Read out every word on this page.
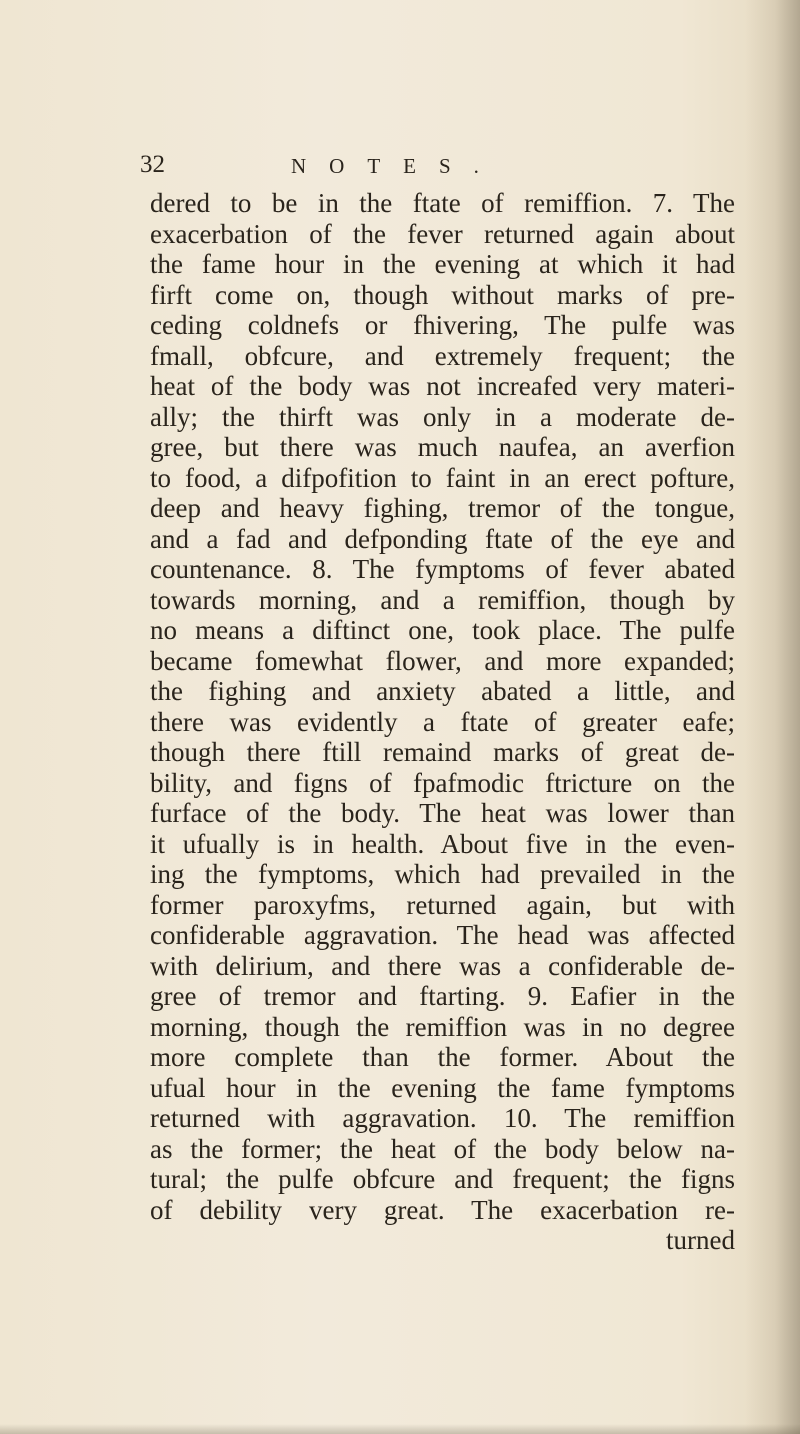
32	NOTES.
dered to be in the ftate of remiffion. 7. The
exacerbation of the fever returned again about
the fame hour in the evening at which it had
firft come on, though without marks of pre-
ceding coldnefs or fhivering, The pulfe was
fmall, obfcure, and extremely frequent; the
heat of the body was not increafed very materi-
ally; the thirft was only in a moderate de-
gree, but there was much naufea, an averfion
to food, a difpofition to faint in an erect pofture,
deep and heavy fighing, tremor of the tongue,
and a fad and defponding ftate of the eye and
countenance. 8. The fymptoms of fever abated
towards morning, and a remiffion, though by
no means a diftinct one, took place. The pulfe
became fomewhat flower, and more expanded;
the fighing and anxiety abated a little, and
there was evidently a ftate of greater eafe;
though there ftill remaind marks of great de-
bility, and figns of fpafmodic ftricture on the
furface of the body. The heat was lower than
it ufually is in health. About five in the even-
ing the fymptoms, which had prevailed in the
former paroxyfms, returned again, but with
confiderable aggravation. The head was affected
with delirium, and there was a confiderable de-
gree of tremor and ftarting. 9. Eafier in the
morning, though the remiffion was in no degree
more complete than the former. About the
ufual hour in the evening the fame fymptoms
returned with aggravation. 10. The remiffion
as the former; the heat of the body below na-
tural; the pulfe obfcure and frequent; the figns
of debility very great. The exacerbation re-
turned
